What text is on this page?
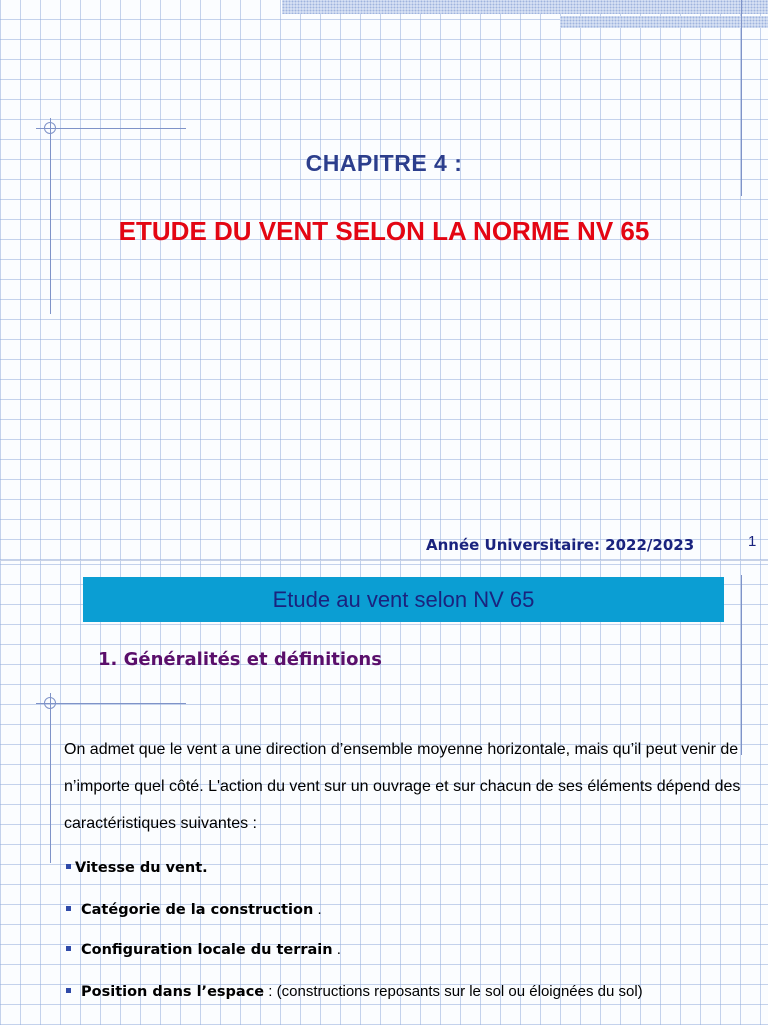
CHAPITRE 4 :
ETUDE DU VENT SELON LA NORME NV 65
Année Universitaire: 2022/2023	1
Etude au vent selon NV 65
1. Généralités et définitions
On admet que le vent a une direction d’ensemble moyenne horizontale, mais qu’il peut venir de n’importe quel côté. L'action du vent sur un ouvrage et sur chacun de ses éléments dépend des caractéristiques suivantes :
Vitesse du vent.
Catégorie de la construction .
Configuration locale du terrain .
Position dans l’espace : (constructions reposants sur le sol ou éloignées du sol)
